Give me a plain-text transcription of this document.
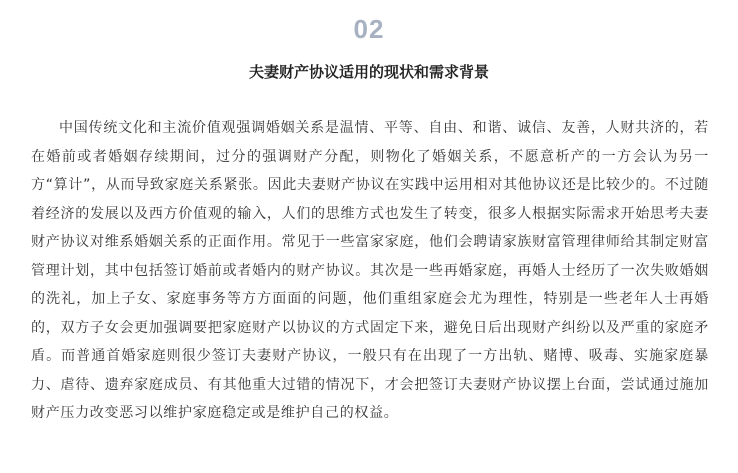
02
夫妻财产协议适用的现状和需求背景

中国传统文化和主流价值观强调婚姻关系是温情、平等、自由、和谐、诚信、友善，人财共济的，若在婚前或者婚姻存续期间，过分的强调财产分配，则物化了婚姻关系，不愿意析产的一方会认为另一方“算计”，从而导致家庭关系紧张。因此夫妻财产协议在实践中运用相对其他协议还是比较少的。不过随着经济的发展以及西方价值观的输入，人们的思维方式也发生了转变，很多人根据实际需求开始思考夫妻财产协议对维系婚姻关系的正面作用。常见于一些富家家庭，他们会聘请家族财富管理律师给其制定财富管理计划，其中包括签订婚前或者婚内的财产协议。其次是一些再婚家庭，再婚人士经历了一次失败婚姻的洗礼，加上子女、家庭事务等方方面面的问题，他们重组家庭会尤为理性，特别是一些老年人士再婚的，双方子女会更加强调要把家庭财产以协议的方式固定下来，避免日后出现财产纠纷以及严重的家庭矛盾。而普通首婚家庭则很少签订夫妻财产协议，一般只有在出现了一方出轨、赌博、吸毒、实施家庭暴力、虐待、遗弃家庭成员、有其他重大过错的情况下，才会把签订夫妻财产协议摆上台面，尝试通过施加财产压力改变恶习以维护家庭稳定或是维护自己的权益。
